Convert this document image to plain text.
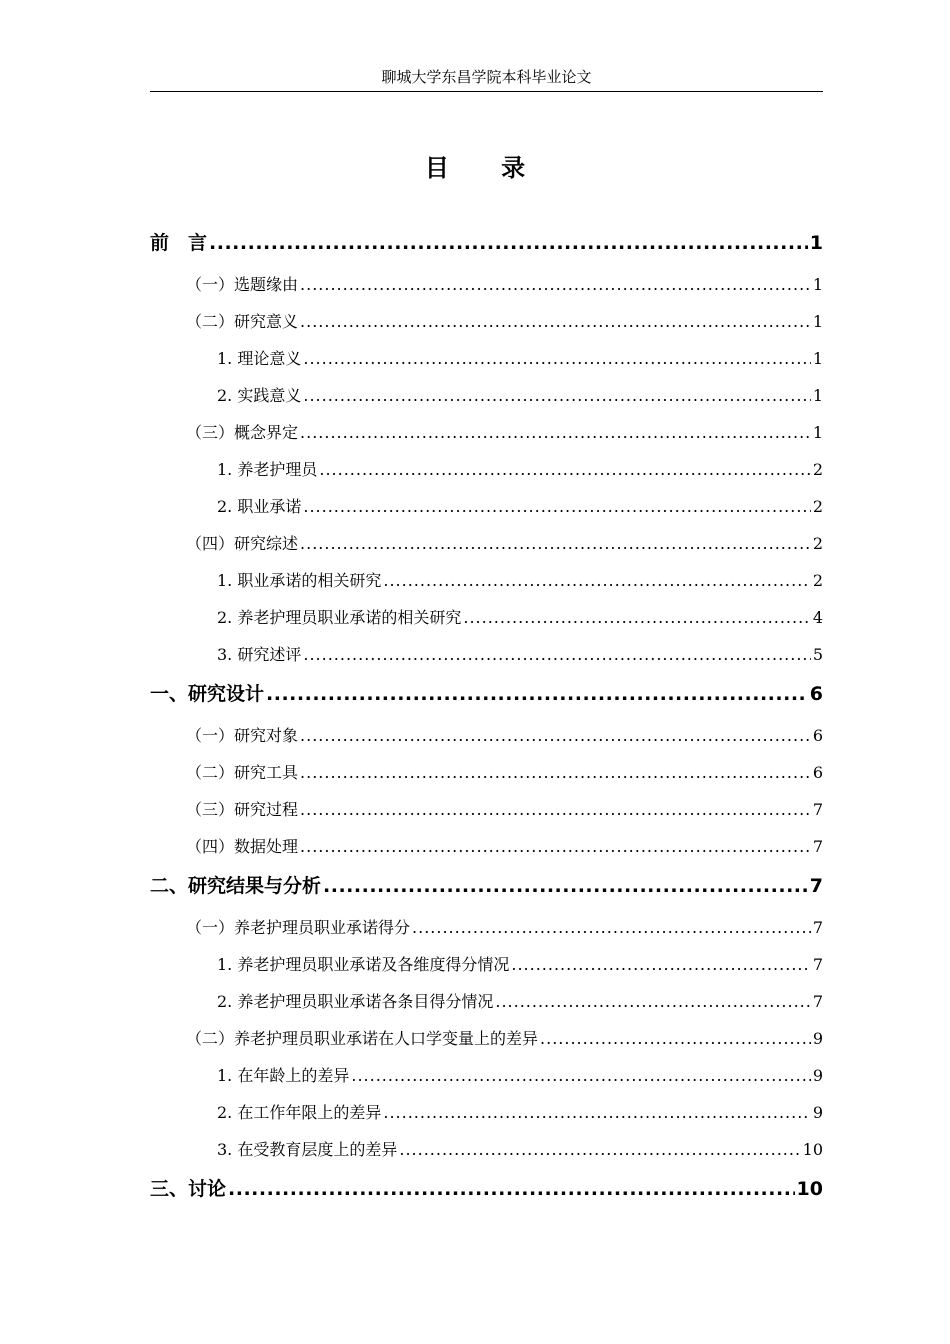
聊城大学东昌学院本科毕业论文
目 录
前　言 .....	1
（一）选题缘由 .....	1
（二）研究意义 .....	1
1. 理论意义 .....	1
2. 实践意义 .....	1
（三）概念界定 .....	1
1. 养老护理员 .....	2
2. 职业承诺 .....	2
（四）研究综述 .....	2
1. 职业承诺的相关研究 .....	2
2. 养老护理员职业承诺的相关研究 .....	4
3. 研究述评 .....	5
一、研究设计 .....	6
（一）研究对象 .....	6
（二）研究工具 .....	6
（三）研究过程 .....	7
（四）数据处理 .....	7
二、研究结果与分析 .....	7
（一）养老护理员职业承诺得分 .....	7
1. 养老护理员职业承诺及各维度得分情况 .....	7
2. 养老护理员职业承诺各条目得分情况 .....	7
（二）养老护理员职业承诺在人口学变量上的差异 .....	9
1. 在年龄上的差异 .....	9
2. 在工作年限上的差异 .....	9
3. 在受教育层度上的差异 .....	10
三、讨论 .....	10
